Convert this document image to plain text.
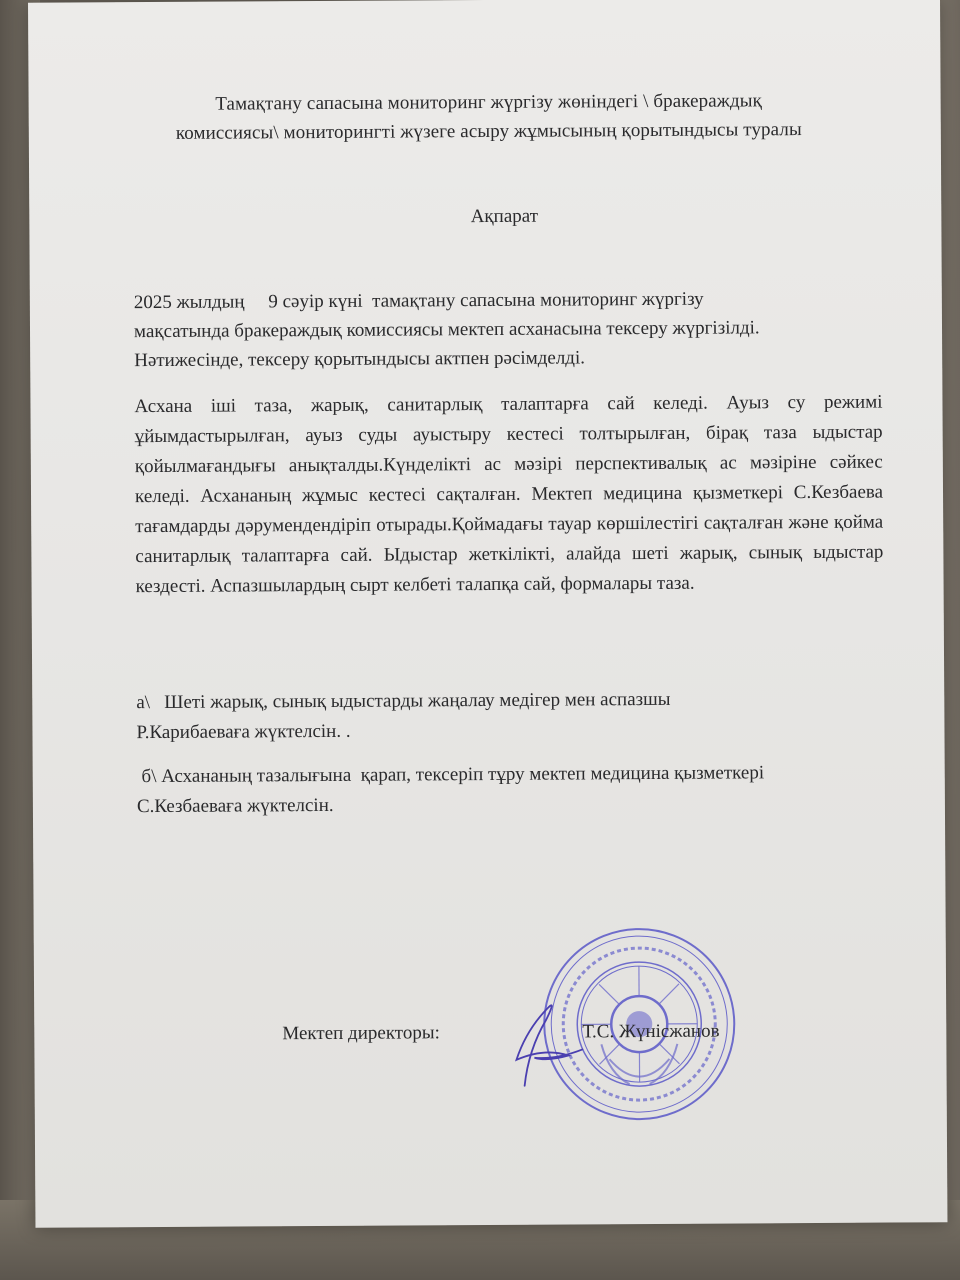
Тамақтану сапасына мониторинг жүргізу жөніндегі \ бракераждық
комиссиясы\ мониторингті жүзеге асыру жұмысының қорытындысы туралы
Ақпарат
2025 жылдың     9 сәуір күні  тамақтану сапасына мониторинг жүргізу
мақсатында бракераждық комиссиясы мектеп асханасына тексеру жүргізілді.
Нәтижесінде, тексеру қорытындысы актпен рәсімделді.
Асхана іші таза, жарық, санитарлық талаптарға сай келеді. Ауыз су режимі ұйымдастырылған, ауыз суды ауыстыру кестесі толтырылған, бірақ таза ыдыстар қойылмағандығы анықталды.Күнделікті ас мәзірі перспективалық ас мәзіріне сәйкес келеді. Асхананың жұмыс кестесі сақталған. Мектеп медицина қызметкері С.Кезбаева тағамдарды дәрумендендіріп отырады.Қоймадағы тауар көршілестігі сақталған және қойма санитарлық талаптарға сай. Ыдыстар жеткілікті, алайда шеті жарық, сынық ыдыстар кездесті. Аспазшылардың сырт келбеті талапқа сай, формалары таза.
а\   Шеті жарық, сынық ыдыстарды жаңалау медігер мен аспазшы
Р.Карибаеваға жүктелсін. .
б\ Асхананың тазалығына  қарап, тексеріп тұру мектеп медицина қызметкері
С.Кезбаеваға жүктелсін.
Мектеп директоры:	Т.С. Жүнісжанов
